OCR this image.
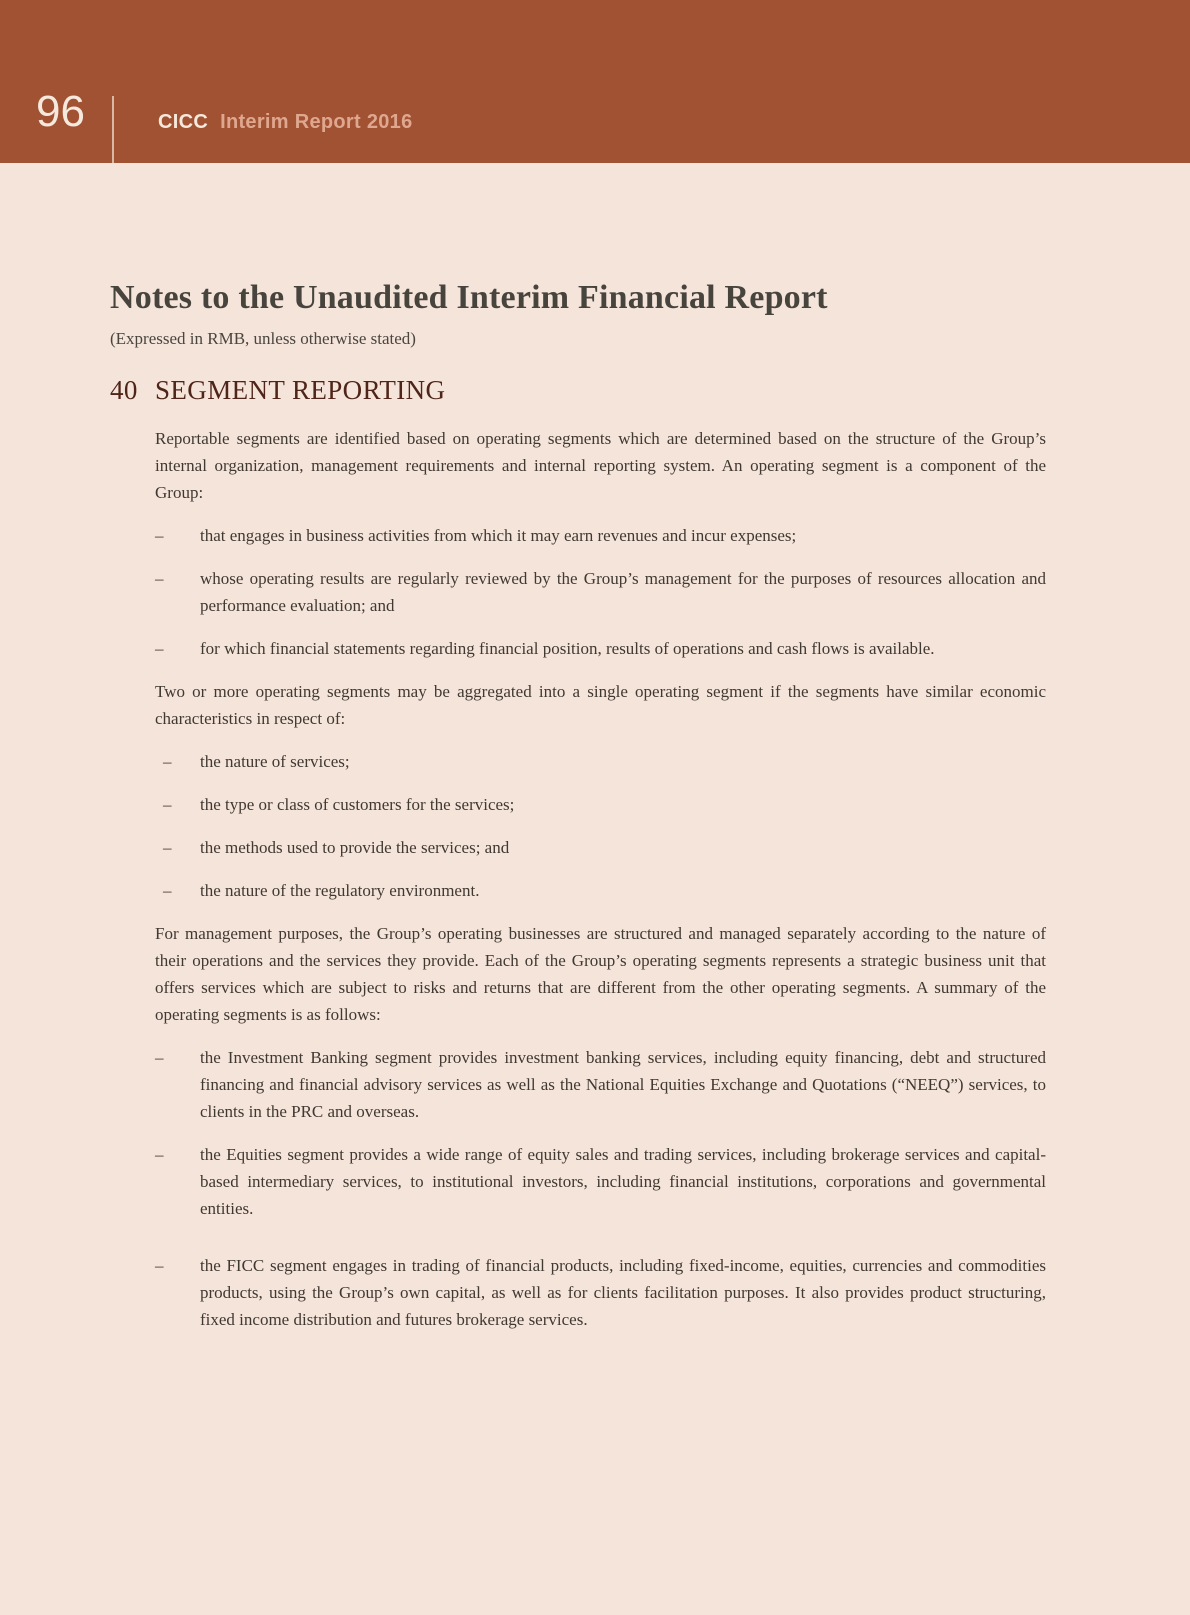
96	CICC Interim Report 2016
Notes to the Unaudited Interim Financial Report

(Expressed in RMB, unless otherwise stated)

40 SEGMENT REPORTING

Reportable segments are identified based on operating segments which are determined based on the structure of the Group’s internal organization, management requirements and internal reporting system. An operating segment is a component of the Group:

– that engages in business activities from which it may earn revenues and incur expenses;
– whose operating results are regularly reviewed by the Group’s management for the purposes of resources allocation and performance evaluation; and
– for which financial statements regarding financial position, results of operations and cash flows is available.

Two or more operating segments may be aggregated into a single operating segment if the segments have similar economic characteristics in respect of:

– the nature of services;
– the type or class of customers for the services;
– the methods used to provide the services; and
– the nature of the regulatory environment.

For management purposes, the Group’s operating businesses are structured and managed separately according to the nature of their operations and the services they provide. Each of the Group’s operating segments represents a strategic business unit that offers services which are subject to risks and returns that are different from the other operating segments. A summary of the operating segments is as follows:

– the Investment Banking segment provides investment banking services, including equity financing, debt and structured financing and financial advisory services as well as the National Equities Exchange and Quotations (“NEEQ”) services, to clients in the PRC and overseas.
– the Equities segment provides a wide range of equity sales and trading services, including brokerage services and capital-based intermediary services, to institutional investors, including financial institutions, corporations and governmental entities.
– the FICC segment engages in trading of financial products, including fixed-income, equities, currencies and commodities products, using the Group’s own capital, as well as for clients facilitation purposes. It also provides product structuring, fixed income distribution and futures brokerage services.
